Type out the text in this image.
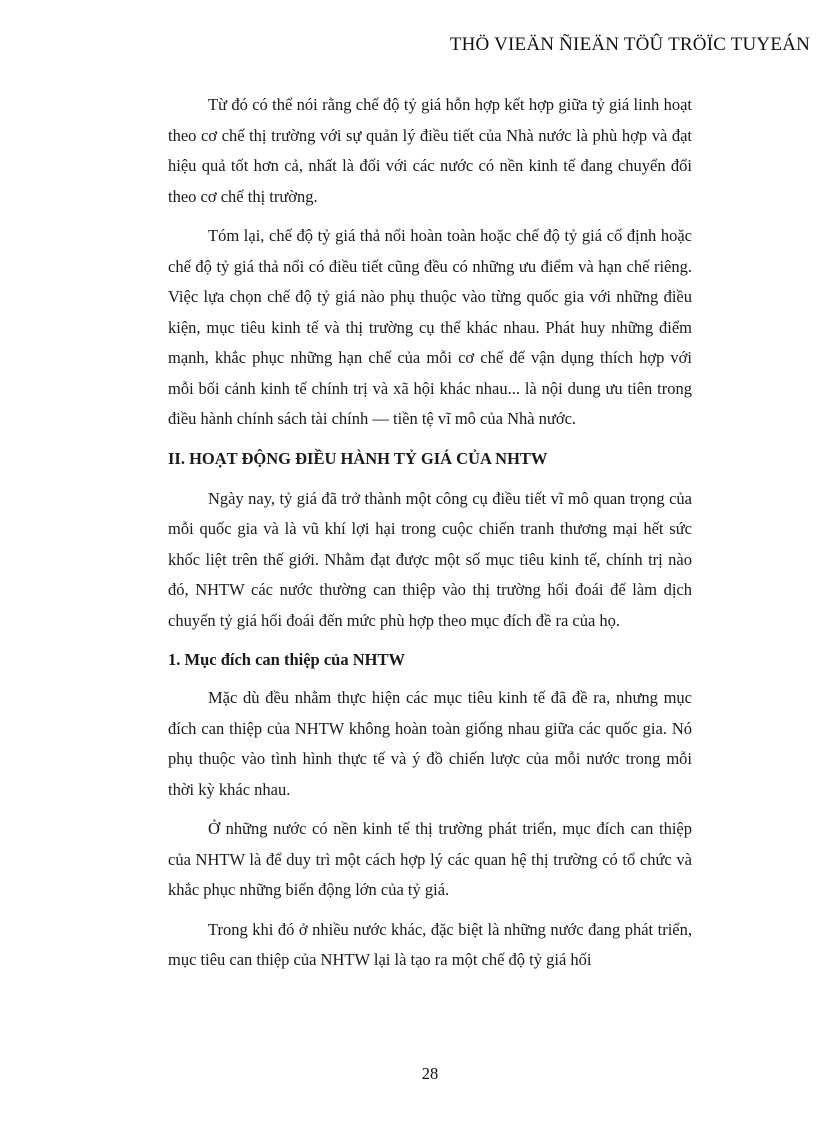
THÖ VIEÄN ÑIEÄN TÖÛ TRÖÏC TUYEÁN

Từ đó có thể nói rằng chế độ tỷ giá hỗn hợp kết hợp giữa tỷ giá linh hoạt theo cơ chế thị trường với sự quản lý điều tiết của Nhà nước là phù hợp và đạt hiệu quả tốt hơn cả, nhất là đối với các nước có nền kinh tế đang chuyển đổi theo cơ chế thị trường.

Tóm lại, chế độ tỷ giá thả nổi hoàn toàn hoặc chế độ tỷ giá cố định hoặc chế độ tỷ giá thả nổi có điều tiết cũng đều có những ưu điểm và hạn chế riêng. Việc lựa chọn chế độ tỷ giá nào phụ thuộc vào từng quốc gia với những điều kiện, mục tiêu kinh tế và thị trường cụ thể khác nhau. Phát huy những điểm mạnh, khắc phục những hạn chế của mỗi cơ chế để vận dụng thích hợp với mỗi bối cảnh kinh tế chính trị và xã hội khác nhau... là nội dung ưu tiên trong điều hành chính sách tài chính — tiền tệ vĩ mô của Nhà nước.

II. HOẠT ĐỘNG ĐIỀU HÀNH TỶ GIÁ CỦA NHTW

Ngày nay, tỷ giá đã trở thành một công cụ điều tiết vĩ mô quan trọng của mỗi quốc gia và là vũ khí lợi hại trong cuộc chiến tranh thương mại hết sức khốc liệt trên thế giới. Nhằm đạt được một số mục tiêu kinh tế, chính trị nào đó, NHTW các nước thường can thiệp vào thị trường hối đoái để làm dịch chuyển tỷ giá hối đoái đến mức phù hợp theo mục đích đề ra của họ.

1. Mục đích can thiệp của NHTW

Mặc dù đều nhằm thực hiện các mục tiêu kinh tế đã đề ra, nhưng mục đích can thiệp của NHTW không hoàn toàn giống nhau giữa các quốc gia. Nó phụ thuộc vào tình hình thực tế và ý đồ chiến lược của mỗi nước trong mỗi thời kỳ khác nhau.

Ở những nước có nền kinh tế thị trường phát triển, mục đích can thiệp của NHTW là để duy trì một cách hợp lý các quan hệ thị trường có tổ chức và khắc phục những biến động lớn của tỷ giá.

Trong khi đó ở nhiều nước khác, đặc biệt là những nước đang phát triển, mục tiêu can thiệp của NHTW lại là tạo ra một chế độ tỷ giá hối

28
